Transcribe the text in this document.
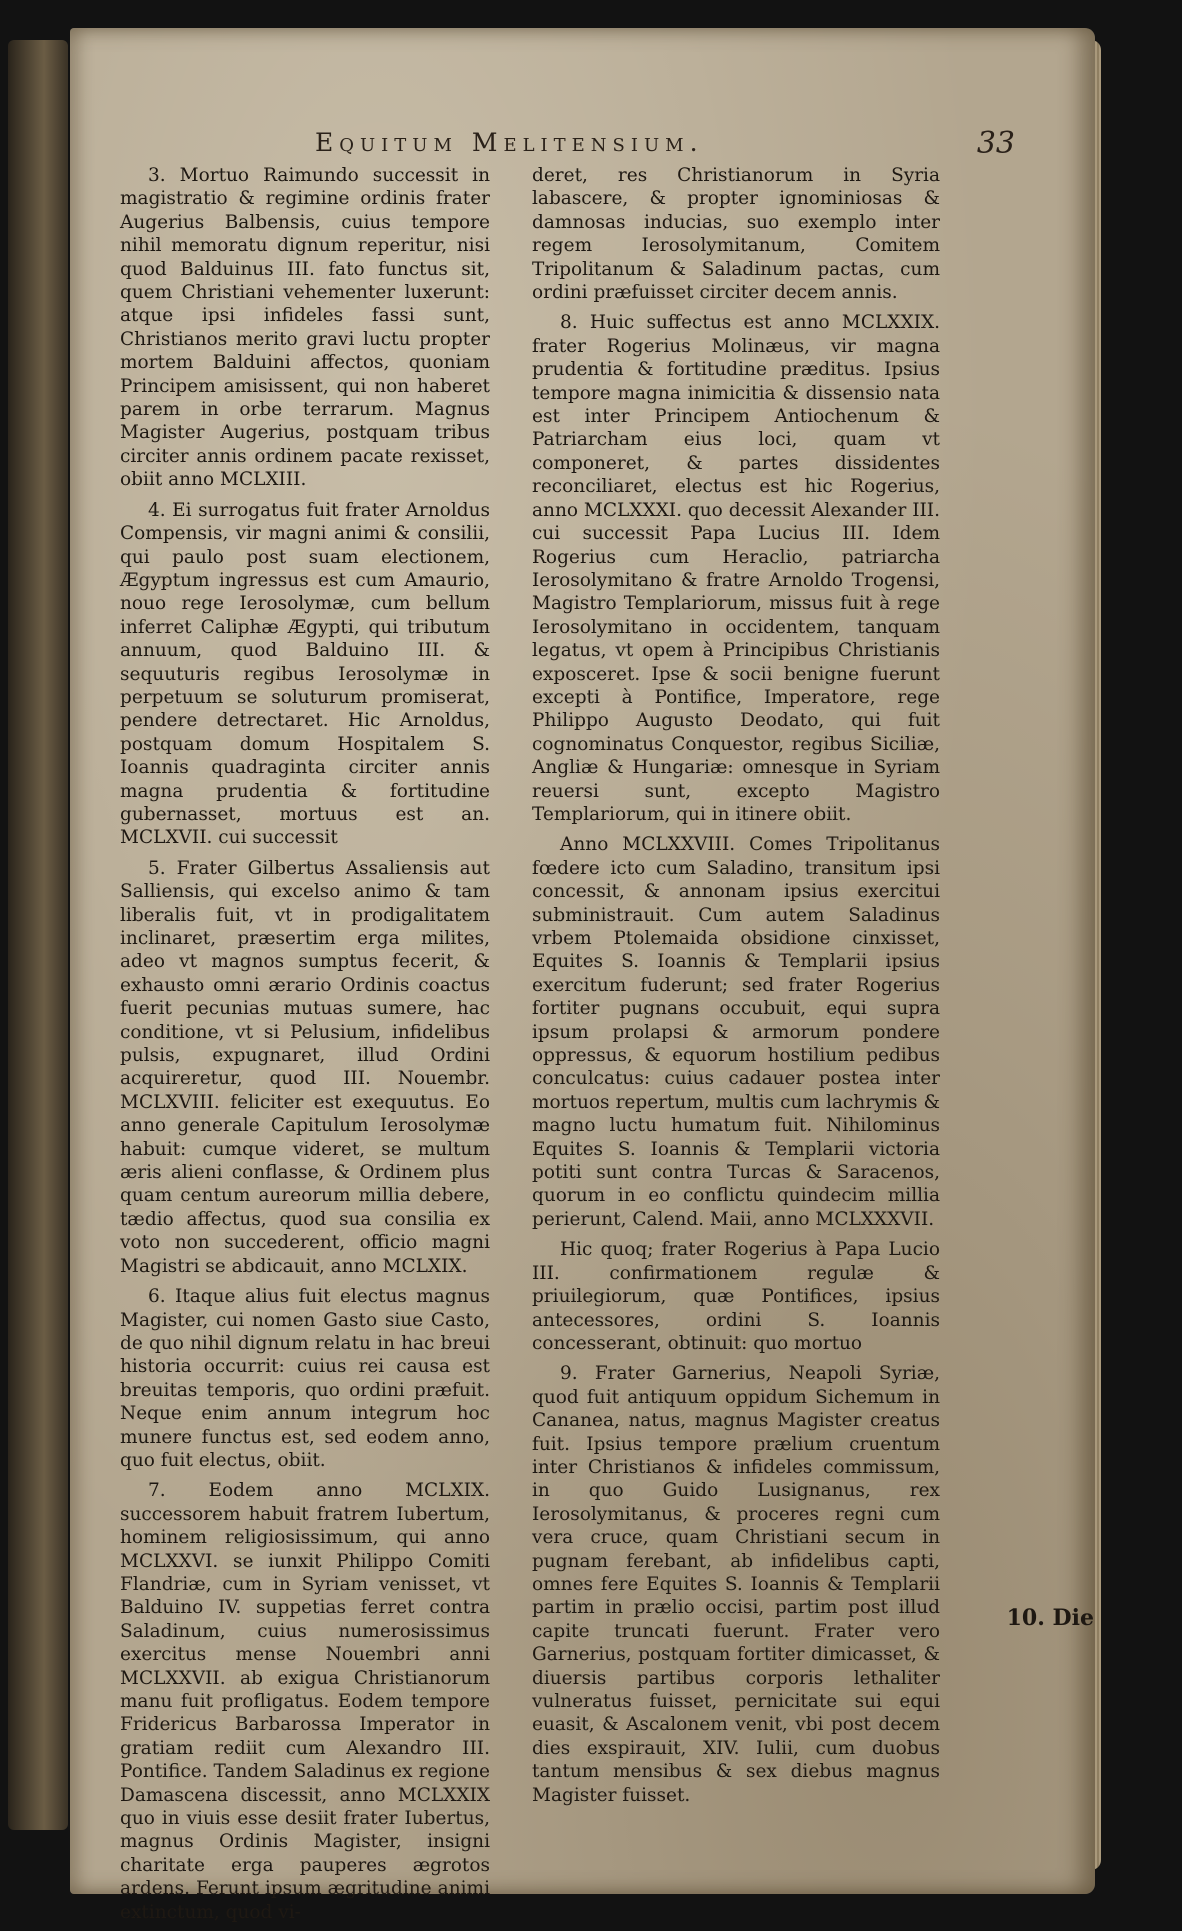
Equitum Melitensium.	33

3. Mortuo Raimundo successit in magistratio & regimine ordinis frater Augerius Balbensis, cuius tempore nihil memoratu dignum reperitur, nisi quod Balduinus III. fato functus sit, quem Christiani vehementer luxerunt: atque ipsi infideles fassi sunt, Christianos merito gravi luctu propter mortem Balduini affectos, quoniam Principem amisissent, qui non haberet parem in orbe terrarum. Magnus Magister Augerius, postquam tribus circiter annis ordinem pacate rexisset, obiit anno MCLXIII.

4. Ei surrogatus fuit frater Arnoldus Compensis, vir magni animi & consilii, qui paulo post suam electionem, Ægyptum ingressus est cum Amaurio, nouo rege Ierosolymæ, cum bellum inferret Caliphæ Ægypti, qui tributum annuum, quod Balduino III. & sequuturis regibus Ierosolymæ in perpetuum se soluturum promiserat, pendere detrectaret. Hic Arnoldus, postquam domum Hospitalem S. Ioannis quadraginta circiter annis magna prudentia & fortitudine gubernasset, mortuus est an. MCLXVII. cui successit

5. Frater Gilbertus Assaliensis aut Salliensis, qui excelso animo & tam liberalis fuit, vt in prodigalitatem inclinaret, præsertim erga milites, adeo vt magnos sumptus fecerit, & exhausto omni ærario Ordinis coactus fuerit pecunias mutuas sumere, hac conditione, vt si Pelusium, infidelibus pulsis, expugnaret, illud Ordini acquireretur, quod III. Nouembr. MCLXVIII. feliciter est exequutus. Eo anno generale Capitulum Ierosolymæ habuit: cumque videret, se multum æris alieni conflasse, & Ordinem plus quam centum aureorum millia debere, tædio affectus, quod sua consilia ex voto non succederent, officio magni Magistri se abdicauit, anno MCLXIX.

6. Itaque alius fuit electus magnus Magister, cui nomen Gasto siue Casto, de quo nihil dignum relatu in hac breui historia occurrit: cuius rei causa est breuitas temporis, quo ordini præfuit. Neque enim annum integrum hoc munere functus est, sed eodem anno, quo fuit electus, obiit.

7. Eodem anno MCLXIX. successorem habuit fratrem Iubertum, hominem religiosissimum, qui anno MCLXXVI. se iunxit Philippo Comiti Flandriæ, cum in Syriam venisset, vt Balduino IV. suppetias ferret contra Saladinum, cuius numerosissimus exercitus mense Nouembri anni MCLXXVII. ab exigua Christianorum manu fuit profligatus. Eodem tempore Fridericus Barbarossa Imperator in gratiam rediit cum Alexandro III. Pontifice. Tandem Saladinus ex regione Damascena discessit, anno MCLXXIX quo in viuis esse desiit frater Iubertus, magnus Ordinis Magister, insigni charitate erga pauperes ægrotos ardens. Ferunt ipsum ægritudine animi extinctum, quod vi-

deret, res Christianorum in Syria labascere, & propter ignominiosas & damnosas inducias, suo exemplo inter regem Ierosolymitanum, Comitem Tripolitanum & Saladinum pactas, cum ordini præfuisset circiter decem annis.

8. Huic suffectus est anno MCLXXIX. frater Rogerius Molinæus, vir magna prudentia & fortitudine præditus. Ipsius tempore magna inimicitia & dissensio nata est inter Principem Antiochenum & Patriarcham eius loci, quam vt componeret, & partes dissidentes reconciliaret, electus est hic Rogerius, anno MCLXXXI. quo decessit Alexander III. cui successit Papa Lucius III. Idem Rogerius cum Heraclio, patriarcha Ierosolymitano & fratre Arnoldo Trogensi, Magistro Templariorum, missus fuit à rege Ierosolymitano in occidentem, tanquam legatus, vt opem à Principibus Christianis exposceret. Ipse & socii benigne fuerunt excepti à Pontifice, Imperatore, rege Philippo Augusto Deodato, qui fuit cognominatus Conquestor, regibus Siciliæ, Angliæ & Hungariæ: omnesque in Syriam reuersi sunt, excepto Magistro Templariorum, qui in itinere obiit.

Anno MCLXXVIII. Comes Tripolitanus fœdere icto cum Saladino, transitum ipsi concessit, & annonam ipsius exercitui subministrauit. Cum autem Saladinus vrbem Ptolemaida obsidione cinxisset, Equites S. Ioannis & Templarii ipsius exercitum fuderunt; sed frater Rogerius fortiter pugnans occubuit, equi supra ipsum prolapsi & armorum pondere oppressus, & equorum hostilium pedibus conculcatus: cuius cadauer postea inter mortuos repertum, multis cum lachrymis & magno luctu humatum fuit. Nihilominus Equites S. Ioannis & Templarii victoria potiti sunt contra Turcas & Saracenos, quorum in eo conflictu quindecim millia perierunt, Calend. Maii, anno MCLXXXVII.

Hic quoq; frater Rogerius à Papa Lucio III. confirmationem regulæ & priuilegiorum, quæ Pontifices, ipsius antecessores, ordini S. Ioannis concesserant, obtinuit: quo mortuo

9. Frater Garnerius, Neapoli Syriæ, quod fuit antiquum oppidum Sichemum in Cananea, natus, magnus Magister creatus fuit. Ipsius tempore prælium cruentum inter Christianos & infideles commissum, in quo Guido Lusignanus, rex Ierosolymitanus, & proceres regni cum vera cruce, quam Christiani secum in pugnam ferebant, ab infidelibus capti, omnes fere Equites S. Ioannis & Templarii partim in prælio occisi, partim post illud capite truncati fuerunt. Frater vero Garnerius, postquam fortiter dimicasset, & diuersis partibus corporis lethaliter vulneratus fuisset, pernicitate sui equi euasit, & Ascalonem venit, vbi post decem dies exspirauit, XIV. Iulii, cum duobus tantum mensibus & sex diebus magnus Magister fuisset.

10. Die
